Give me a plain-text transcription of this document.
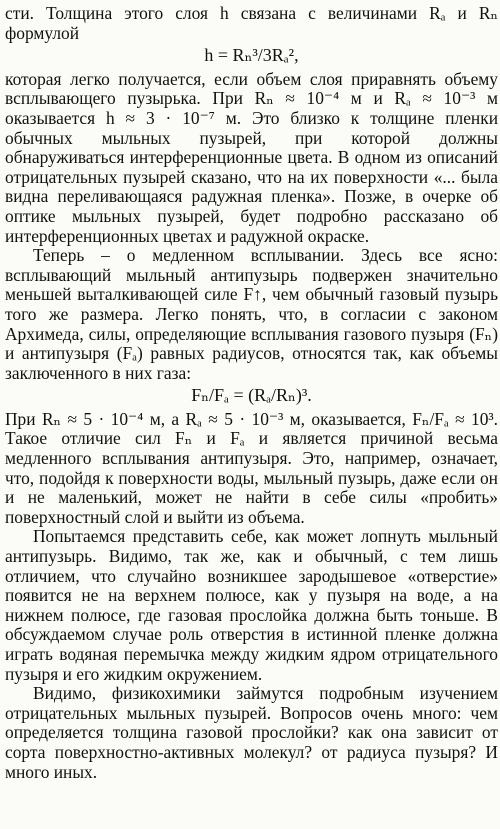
сти. Толщина этого слоя h связана с величинами Rₐ и Rₙ формулой

h = Rₙ³/3Rₐ²,

которая легко получается, если объем слоя приравнять объему всплывающего пузырька. При Rₙ ≈ 10⁻⁴ м и Rₐ ≈ 10⁻³ м оказывается h ≈ 3 · 10⁻⁷ м. Это близко к толщине пленки обычных мыльных пузырей, при которой должны обнаруживаться интерференционные цвета. В одном из описаний отрицательных пузырей сказано, что на их поверхности «... была видна переливающаяся радужная пленка». Позже, в очерке об оптике мыльных пузырей, будет подробно рассказано об интерференционных цветах и радужной окраске.

Теперь – о медленном всплывании. Здесь все ясно: всплывающий мыльный антипузырь подвержен значительно меньшей выталкивающей силе F↑, чем обычный газовый пузырь того же размера. Легко понять, что, в согласии с законом Архимеда, силы, определяющие всплывания газового пузыря (Fₙ) и антипузыря (Fₐ) равных радиусов, относятся так, как объемы заключенного в них газа:

Fₙ/Fₐ = (Rₐ/Rₙ)³.

При Rₙ ≈ 5 · 10⁻⁴ м, а Rₐ ≈ 5 · 10⁻³ м, оказывается, Fₙ/Fₐ ≈ 10³. Такое отличие сил Fₙ и Fₐ и является причиной весьма медленного всплывания антипузыря. Это, например, означает, что, подойдя к поверхности воды, мыльный пузырь, даже если он и не маленький, может не найти в себе силы «пробить» поверхностный слой и выйти из объема.

Попытаемся представить себе, как может лопнуть мыльный антипузырь. Видимо, так же, как и обычный, с тем лишь отличием, что случайно возникшее зародышевое «отверстие» появится не на верхнем полюсе, как у пузыря на воде, а на нижнем полюсе, где газовая прослойка должна быть тоньше. В обсуждаемом случае роль отверстия в истинной пленке должна играть водяная перемычка между жидким ядром отрицательного пузыря и его жидким окружением.

Видимо, физикохимики займутся подробным изучением отрицательных мыльных пузырей. Вопросов очень много: чем определяется толщина газовой прослойки? как она зависит от сорта поверхностно-активных молекул? от радиуса пузыря? И много иных.
